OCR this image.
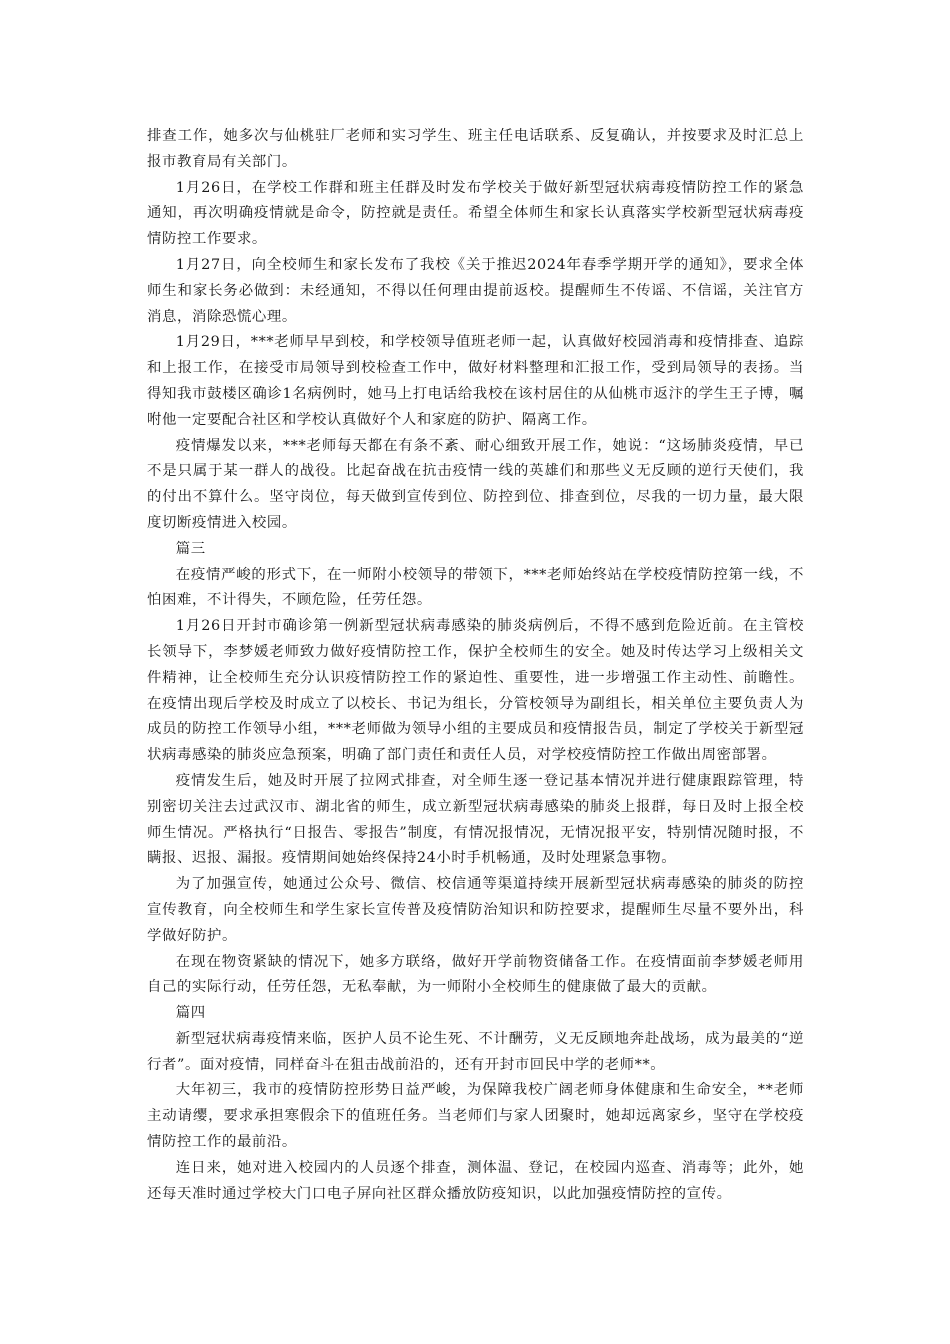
排查工作，她多次与仙桃驻厂老师和实习学生、班主任电话联系、反复确认，并按要求及时汇总上报市教育局有关部门。

1月26日，在学校工作群和班主任群及时发布学校关于做好新型冠状病毒疫情防控工作的紧急通知，再次明确疫情就是命令，防控就是责任。希望全体师生和家长认真落实学校新型冠状病毒疫情防控工作要求。

1月27日，向全校师生和家长发布了我校《关于推迟2024年春季学期开学的通知》，要求全体师生和家长务必做到：未经通知，不得以任何理由提前返校。提醒师生不传谣、不信谣，关注官方消息，消除恐慌心理。

1月29日，***老师早早到校，和学校领导值班老师一起，认真做好校园消毒和疫情排查、追踪和上报工作，在接受市局领导到校检查工作中，做好材料整理和汇报工作，受到局领导的表扬。当得知我市鼓楼区确诊1名病例时，她马上打电话给我校在该村居住的从仙桃市返汴的学生王子博，嘱咐他一定要配合社区和学校认真做好个人和家庭的防护、隔离工作。

疫情爆发以来，***老师每天都在有条不紊、耐心细致开展工作，她说：“这场肺炎疫情，早已不是只属于某一群人的战役。比起奋战在抗击疫情一线的英雄们和那些义无反顾的逆行天使们，我的付出不算什么。坚守岗位，每天做到宣传到位、防控到位、排查到位，尽我的一切力量，最大限度切断疫情进入校园。

篇三

在疫情严峻的形式下，在一师附小校领导的带领下，***老师始终站在学校疫情防控第一线，不怕困难，不计得失，不顾危险，任劳任怨。

1月26日开封市确诊第一例新型冠状病毒感染的肺炎病例后，不得不感到危险近前。在主管校长领导下，李梦媛老师致力做好疫情防控工作，保护全校师生的安全。她及时传达学习上级相关文件精神，让全校师生充分认识疫情防控工作的紧迫性、重要性，进一步增强工作主动性、前瞻性。在疫情出现后学校及时成立了以校长、书记为组长，分管校领导为副组长，相关单位主要负责人为成员的防控工作领导小组，***老师做为领导小组的主要成员和疫情报告员，制定了学校关于新型冠状病毒感染的肺炎应急预案，明确了部门责任和责任人员，对学校疫情防控工作做出周密部署。

疫情发生后，她及时开展了拉网式排查，对全师生逐一登记基本情况并进行健康跟踪管理，特别密切关注去过武汉市、湖北省的师生，成立新型冠状病毒感染的肺炎上报群，每日及时上报全校师生情况。严格执行“日报告、零报告”制度，有情况报情况，无情况报平安，特别情况随时报，不瞒报、迟报、漏报。疫情期间她始终保持24小时手机畅通，及时处理紧急事物。

为了加强宣传，她通过公众号、微信、校信通等渠道持续开展新型冠状病毒感染的肺炎的防控宣传教育，向全校师生和学生家长宣传普及疫情防治知识和防控要求，提醒师生尽量不要外出，科学做好防护。

在现在物资紧缺的情况下，她多方联络，做好开学前物资储备工作。在疫情面前李梦媛老师用自己的实际行动，任劳任怨，无私奉献，为一师附小全校师生的健康做了最大的贡献。

篇四

新型冠状病毒疫情来临，医护人员不论生死、不计酬劳，义无反顾地奔赴战场，成为最美的“逆行者”。面对疫情，同样奋斗在狙击战前沿的，还有开封市回民中学的老师**。

大年初三，我市的疫情防控形势日益严峻，为保障我校广阔老师身体健康和生命安全，**老师主动请缨，要求承担寒假余下的值班任务。当老师们与家人团聚时，她却远离家乡，坚守在学校疫情防控工作的最前沿。

连日来，她对进入校园内的人员逐个排查，测体温、登记，在校园内巡查、消毒等；此外，她还每天准时通过学校大门口电子屏向社区群众播放防疫知识，以此加强疫情防控的宣传。
